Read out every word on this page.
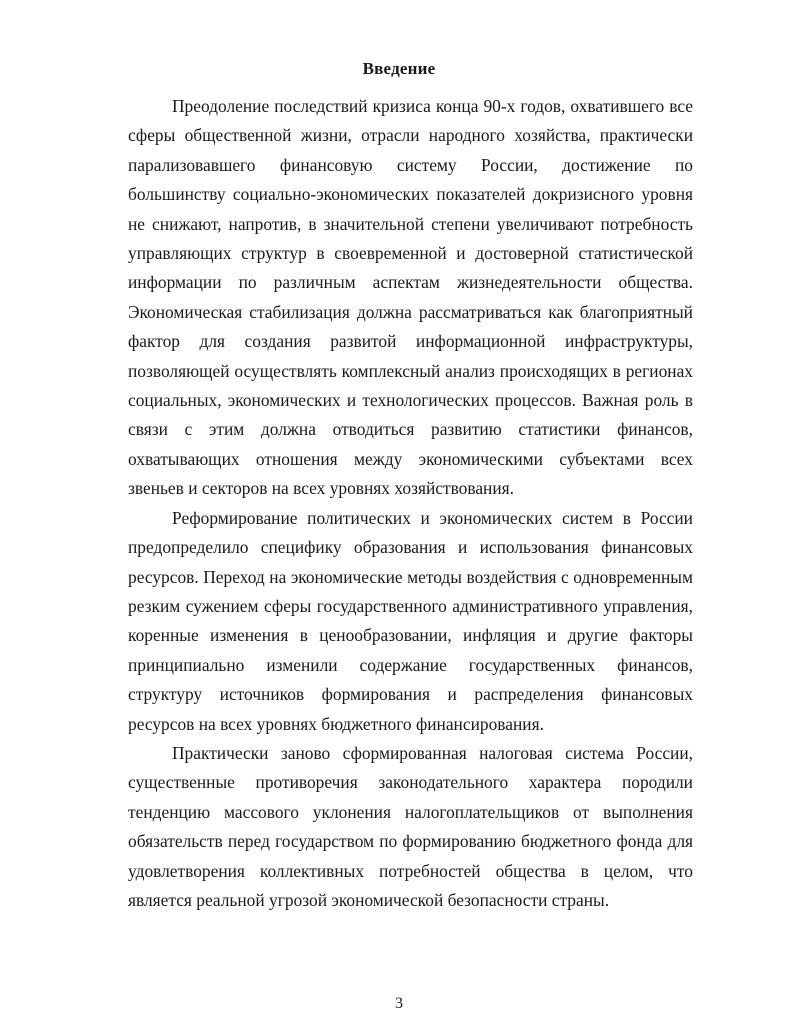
Введение

Преодоление последствий кризиса конца 90-х годов, охватившего все сферы общественной жизни, отрасли народного хозяйства, практически парализовавшего финансовую систему России, достижение по большинству социально-экономических показателей докризисного уровня не снижают, напротив, в значительной степени увеличивают потребность управляющих структур в своевременной и достоверной статистической информации по различным аспектам жизнедеятельности общества. Экономическая стабилизация должна рассматриваться как благоприятный фактор для создания развитой информационной инфраструктуры, позволяющей осуществлять комплексный анализ происходящих в регионах социальных, экономических и технологических процессов. Важная роль в связи с этим должна отводиться развитию статистики финансов, охватывающих отношения между экономическими субъектами всех звеньев и секторов на всех уровнях хозяйствования.

Реформирование политических и экономических систем в России предопределило специфику образования и использования финансовых ресурсов. Переход на экономические методы воздействия с одновременным резким сужением сферы государственного административного управления, коренные изменения в ценообразовании, инфляция и другие факторы принципиально изменили содержание государственных финансов, структуру источников формирования и распределения финансовых ресурсов на всех уровнях бюджетного финансирования.

Практически заново сформированная налоговая система России, существенные противоречия законодательного характера породили тенденцию массового уклонения налогоплательщиков от выполнения обязательств перед государством по формированию бюджетного фонда для удовлетворения коллективных потребностей общества в целом, что является реальной угрозой экономической безопасности страны.

3
